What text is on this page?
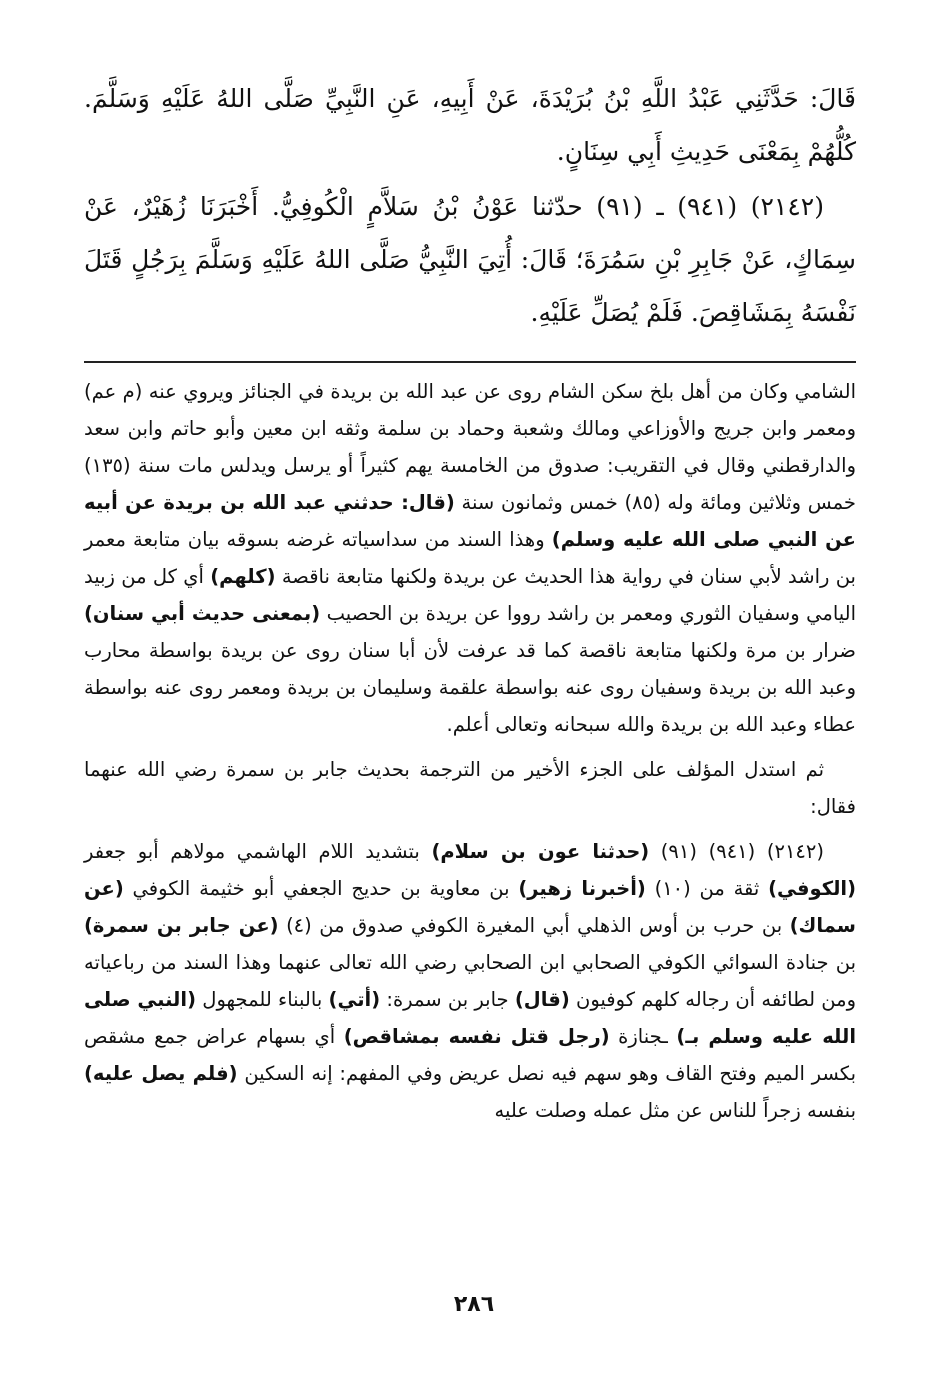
قَالَ: حَدَّثَنِي عَبْدُ اللَّهِ بْنُ بُرَيْدَةَ، عَنْ أَبِيهِ، عَنِ النَّبِيِّ صَلَّى اللهُ عَلَيْهِ وَسَلَّمَ. كُلُّهُمْ بِمَعْنَى حَدِيثِ أَبِي سِنَانٍ.

(٢١٤٢) (٩٤١) ـ (٩١) حدّثنا عَوْنُ بْنُ سَلاَّمٍ الْكُوفِيُّ. أَخْبَرَنَا زُهَيْرٌ، عَنْ سِمَاكٍ، عَنْ جَابِرِ بْنِ سَمُرَةَ؛ قَالَ: أُتِيَ النَّبِيُّ صَلَّى اللهُ عَلَيْهِ وَسَلَّمَ بِرَجُلٍ قَتَلَ نَفْسَهُ بِمَشَاقِصَ. فَلَمْ يُصَلِّ عَلَيْهِ.

الشامي وكان من أهل بلخ سكن الشام روى عن عبد الله بن بريدة في الجنائز ويروي عنه (م عم) ومعمر وابن جريج والأوزاعي ومالك وشعبة وحماد بن سلمة وثقه ابن معين وأبو حاتم وابن سعد والدارقطني وقال في التقريب: صدوق من الخامسة يهم كثيراً أو يرسل ويدلس مات سنة (١٣٥) خمس وثلاثين ومائة وله (٨٥) خمس وثمانون سنة (قال: حدثني عبد الله بن بريدة عن أبيه عن النبي صلى الله عليه وسلم) وهذا السند من سداسياته غرضه بسوقه بيان متابعة معمر بن راشد لأبي سنان في رواية هذا الحديث عن بريدة ولكنها متابعة ناقصة (كلهم) أي كل من زبيد اليامي وسفيان الثوري ومعمر بن راشد رووا عن بريدة بن الحصيب (بمعنى حديث أبي سنان) ضرار بن مرة ولكنها متابعة ناقصة كما قد عرفت لأن أبا سنان روى عن بريدة بواسطة محارب وعبد الله بن بريدة وسفيان روى عنه بواسطة علقمة وسليمان بن بريدة ومعمر روى عنه بواسطة عطاء وعبد الله بن بريدة والله سبحانه وتعالى أعلم.

ثم استدل المؤلف على الجزء الأخير من الترجمة بحديث جابر بن سمرة رضي الله عنهما فقال:

(٢١٤٢) (٩٤١) (٩١) (حدثنا عون بن سلام) بتشديد اللام الهاشمي مولاهم أبو جعفر (الكوفي) ثقة من (١٠) (أخبرنا زهير) بن معاوية بن حديج الجعفي أبو خثيمة الكوفي (عن سماك) بن حرب بن أوس الذهلي أبي المغيرة الكوفي صدوق من (٤) (عن جابر بن سمرة) بن جنادة السوائي الكوفي الصحابي ابن الصحابي رضي الله تعالى عنهما وهذا السند من رباعياته ومن لطائفه أن رجاله كلهم كوفيون (قال) جابر بن سمرة: (أتي) بالبناء للمجهول (النبي صلى الله عليه وسلم بـ) ـجنازة (رجل قتل نفسه بمشاقص) أي بسهام عراض جمع مشقص بكسر الميم وفتح القاف وهو سهم فيه نصل عريض وفي المفهم: إنه السكين (فلم يصل عليه) بنفسه زجراً للناس عن مثل عمله وصلت عليه

٢٨٦
